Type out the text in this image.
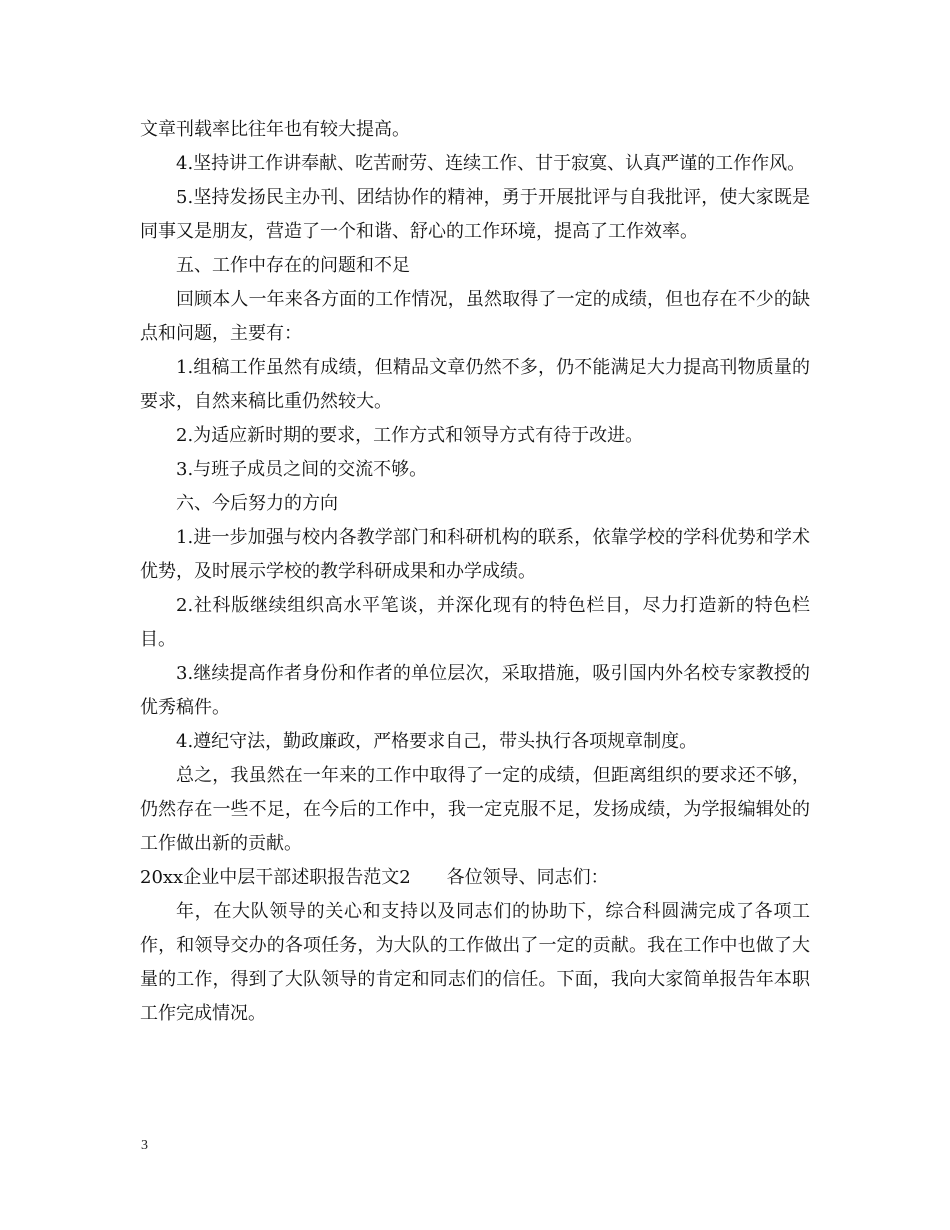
文章刊载率比往年也有较大提高。

4.坚持讲工作讲奉献、吃苦耐劳、连续工作、甘于寂寞、认真严谨的工作作风。

5.坚持发扬民主办刊、团结协作的精神，勇于开展批评与自我批评，使大家既是同事又是朋友，营造了一个和谐、舒心的工作环境，提高了工作效率。

五、工作中存在的问题和不足

回顾本人一年来各方面的工作情况，虽然取得了一定的成绩，但也存在不少的缺点和问题，主要有：

1.组稿工作虽然有成绩，但精品文章仍然不多，仍不能满足大力提高刊物质量的要求，自然来稿比重仍然较大。

2.为适应新时期的要求，工作方式和领导方式有待于改进。

3.与班子成员之间的交流不够。

六、今后努力的方向

1.进一步加强与校内各教学部门和科研机构的联系，依靠学校的学科优势和学术优势，及时展示学校的教学科研成果和办学成绩。

2.社科版继续组织高水平笔谈，并深化现有的特色栏目，尽力打造新的特色栏目。

3.继续提高作者身份和作者的单位层次，采取措施，吸引国内外名校专家教授的优秀稿件。

4.遵纪守法，勤政廉政，严格要求自己，带头执行各项规章制度。

总之，我虽然在一年来的工作中取得了一定的成绩，但距离组织的要求还不够，仍然存在一些不足，在今后的工作中，我一定克服不足，发扬成绩，为学报编辑处的工作做出新的贡献。

20xx企业中层干部述职报告范文2　　各位领导、同志们：

年，在大队领导的关心和支持以及同志们的协助下，综合科圆满完成了各项工作，和领导交办的各项任务，为大队的工作做出了一定的贡献。我在工作中也做了大量的工作，得到了大队领导的肯定和同志们的信任。下面，我向大家简单报告年本职工作完成情况。

3
